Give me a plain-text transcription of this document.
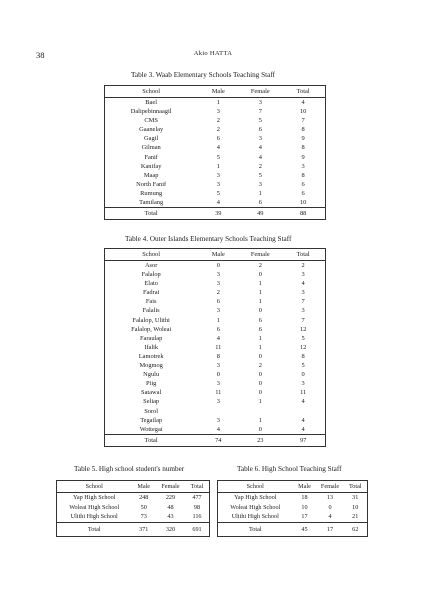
38	Akio HATTA
Table 3. Waab Elementary Schools Teaching Staff
School	Male	Female	Total
Bael	1	3	4
Dalipebinnaagil	3	7	10
CMS	2	5	7
Gaanelay	2	6	8
Gagil	6	3	9
Gilman	4	4	8
Fanif	5	4	9
Kanifay	1	2	3
Maap	3	5	8
North Fanif	3	3	6
Rumung	5	1	6
Tamilang	4	6	10
Total	39	49	88
Table 4. Outer Islands Elementary Schools Teaching Staff
School	Male	Female	Total
Asor	0	2	2
Falalop	3	0	3
Elato	3	1	4
Fadrai	2	1	3
Fais	6	1	7
Falalis	3	0	3
Falalop, Ulithi	1	6	7
Falalop, Woleai	6	6	12
Faraulap	4	1	5
Ifalik	11	1	12
Lamotrek	8	0	8
Mogmog	3	2	5
Ngulu	0	0	0
Piig	3	0	3
Satawal	11	0	11
Seliap	3	1	4
Sorol			
Tegailap	3	1	4
Wottegai	4	0	4
Total	74	23	97
Table 5. High school student's number
School	Male	Female	Total
Yap High School	248	229	477
Woleai High School	50	48	98
Ulithi High School	73	43	116
Total	371	320	691
Table 6. High School Teaching Staff
School	Male	Female	Total
Yap High School	18	13	31
Woleai High School	10	0	10
Ulithi High School	17	4	21
Total	45	17	62
